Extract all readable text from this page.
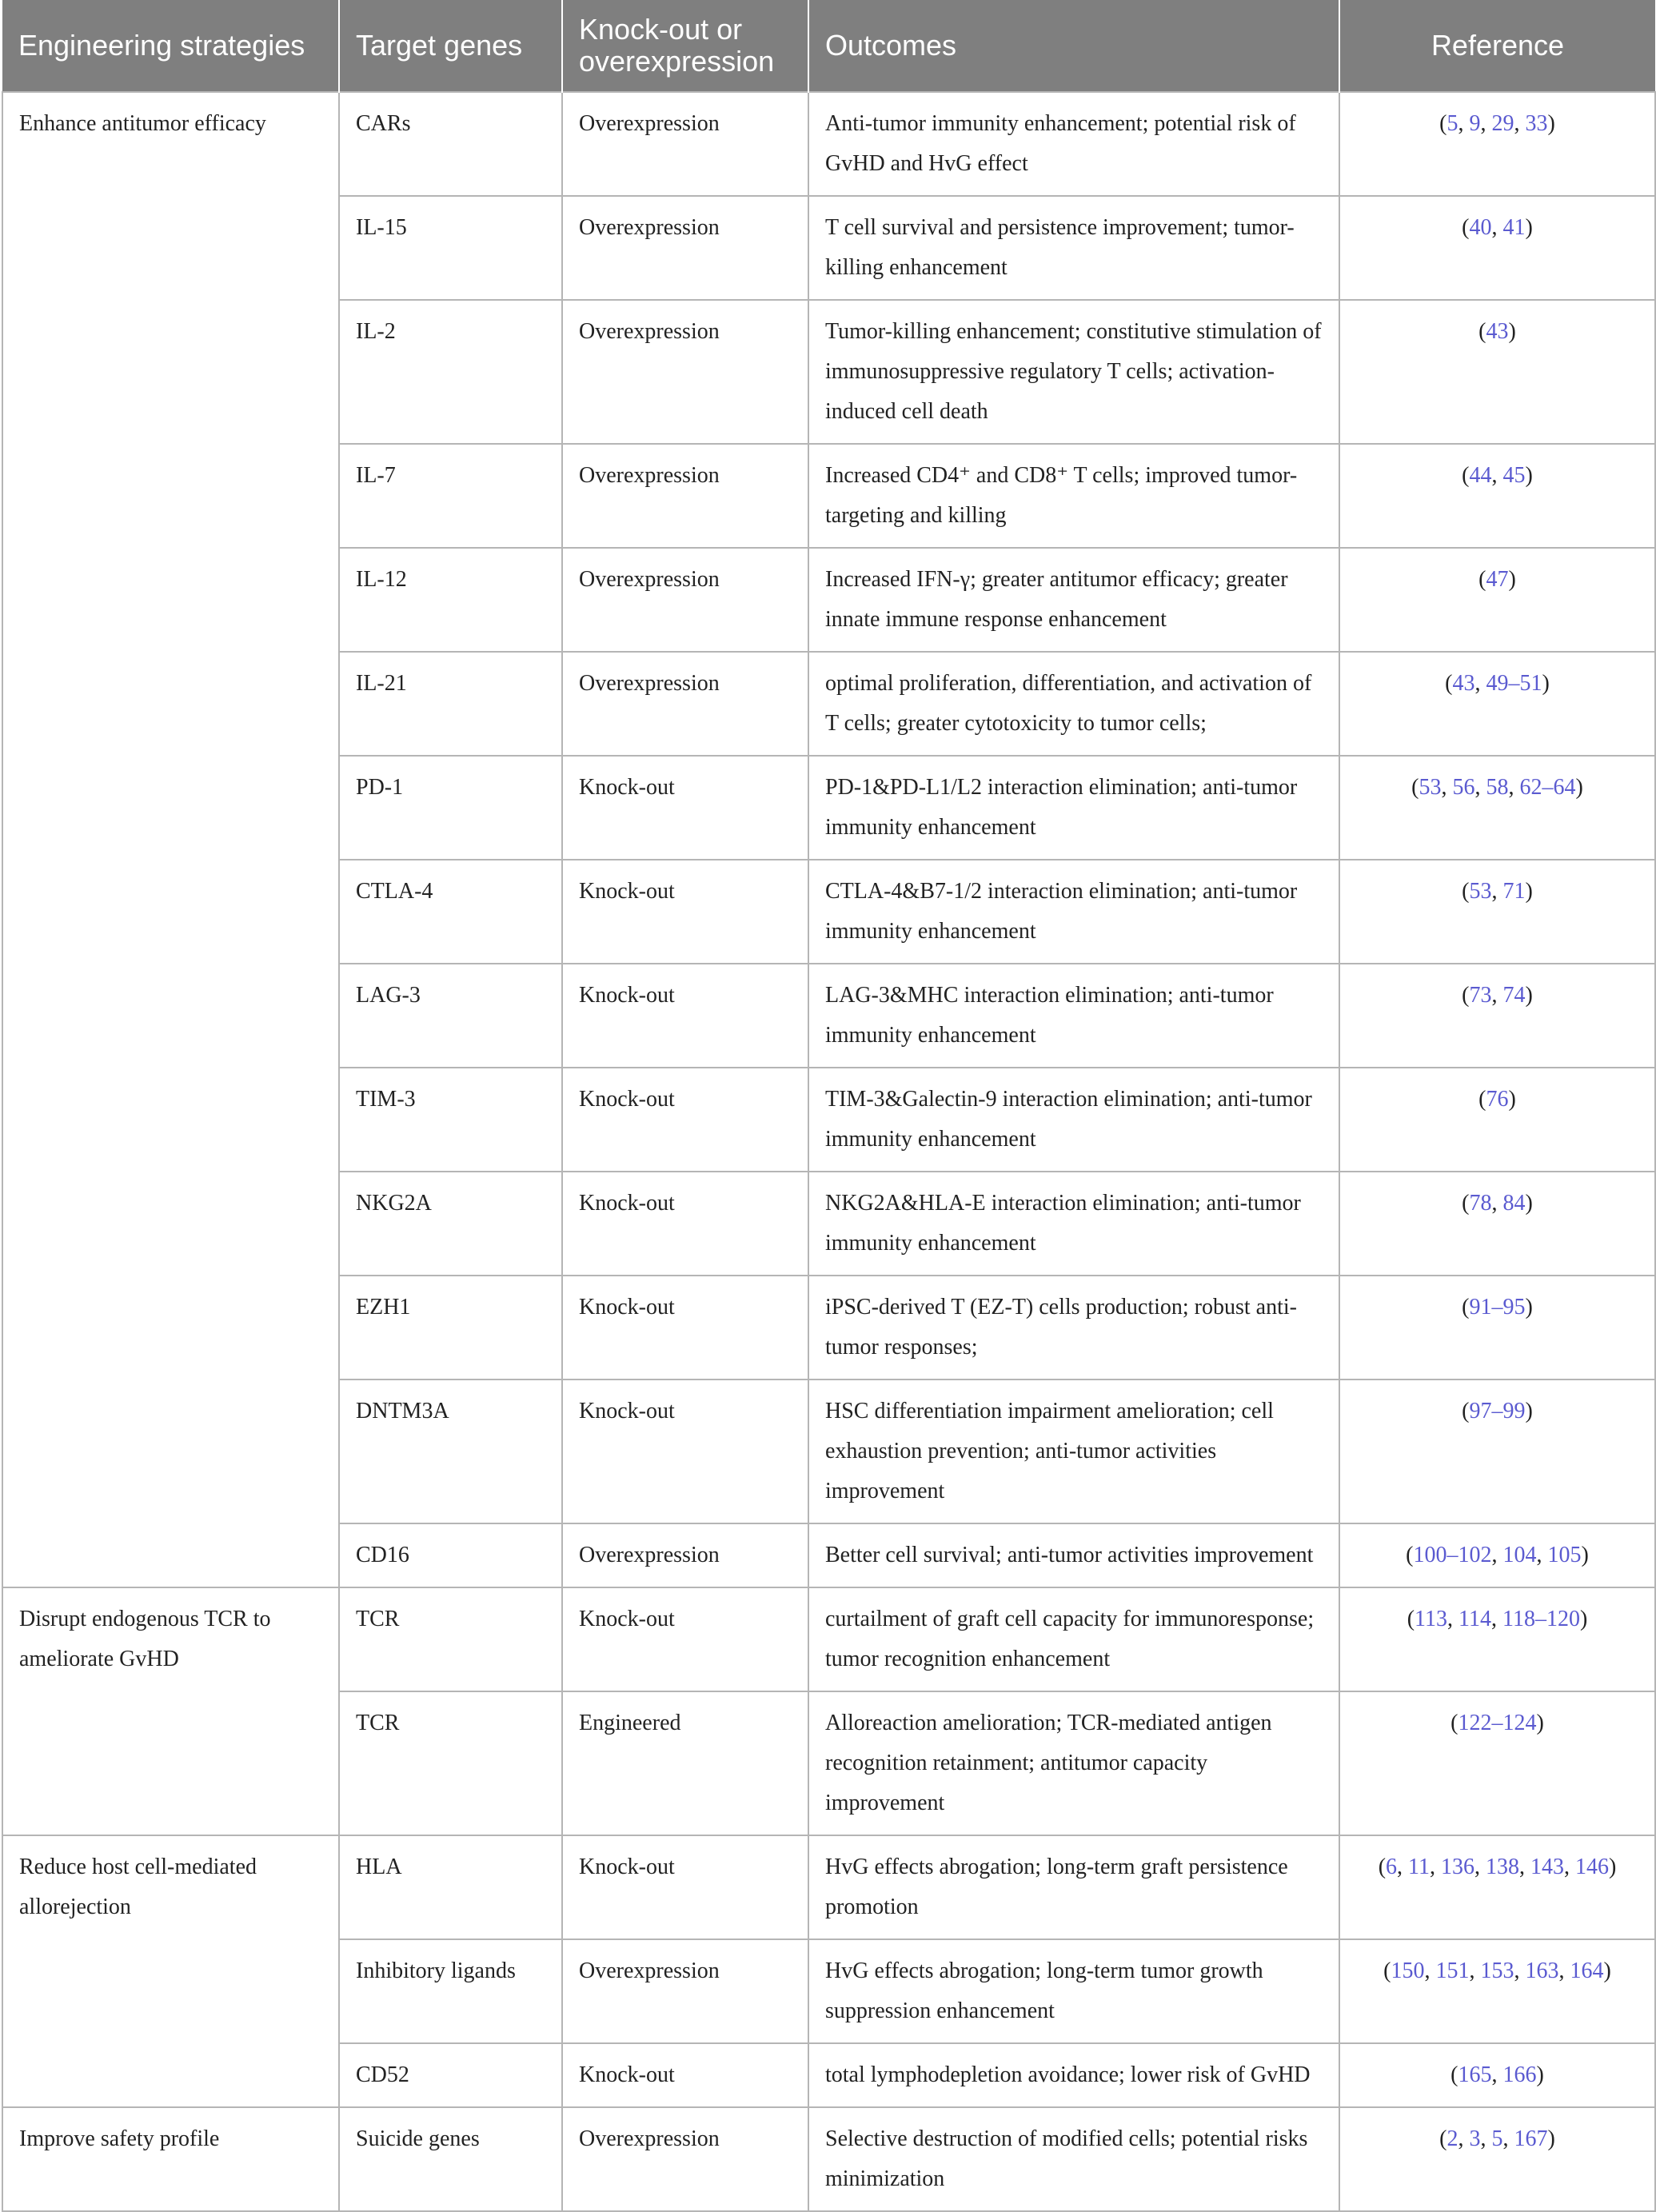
Engineering strategies	Target genes	Knock-out or overexpression	Outcomes	Reference
Enhance antitumor efficacy	CARs	Overexpression	Anti-tumor immunity enhancement; potential risk of GvHD and HvG effect	(5, 9, 29, 33)
	IL-15	Overexpression	T cell survival and persistence improvement; tumor-killing enhancement	(40, 41)
	IL-2	Overexpression	Tumor-killing enhancement; constitutive stimulation of immunosuppressive regulatory T cells; activation-induced cell death	(43)
	IL-7	Overexpression	Increased CD4⁺ and CD8⁺ T cells; improved tumor-targeting and killing	(44, 45)
	IL-12	Overexpression	Increased IFN-γ; greater antitumor efficacy; greater innate immune response enhancement	(47)
	IL-21	Overexpression	optimal proliferation, differentiation, and activation of T cells; greater cytotoxicity to tumor cells;	(43, 49–51)
	PD-1	Knock-out	PD-1&PD-L1/L2 interaction elimination; anti-tumor immunity enhancement	(53, 56, 58, 62–64)
	CTLA-4	Knock-out	CTLA-4&B7-1/2 interaction elimination; anti-tumor immunity enhancement	(53, 71)
	LAG-3	Knock-out	LAG-3&MHC interaction elimination; anti-tumor immunity enhancement	(73, 74)
	TIM-3	Knock-out	TIM-3&Galectin-9 interaction elimination; anti-tumor immunity enhancement	(76)
	NKG2A	Knock-out	NKG2A&HLA-E interaction elimination; anti-tumor immunity enhancement	(78, 84)
	EZH1	Knock-out	iPSC-derived T (EZ-T) cells production; robust anti-tumor responses;	(91–95)
	DNTM3A	Knock-out	HSC differentiation impairment amelioration; cell exhaustion prevention; anti-tumor activities improvement	(97–99)
	CD16	Overexpression	Better cell survival; anti-tumor activities improvement	(100–102, 104, 105)
Disrupt endogenous TCR to ameliorate GvHD	TCR	Knock-out	curtailment of graft cell capacity for immunoresponse; tumor recognition enhancement	(113, 114, 118–120)
	TCR	Engineered	Alloreaction amelioration; TCR-mediated antigen recognition retainment; antitumor capacity improvement	(122–124)
Reduce host cell-mediated allorejection	HLA	Knock-out	HvG effects abrogation; long-term graft persistence promotion	(6, 11, 136, 138, 143, 146)
	Inhibitory ligands	Overexpression	HvG effects abrogation; long-term tumor growth suppression enhancement	(150, 151, 153, 163, 164)
	CD52	Knock-out	total lymphodepletion avoidance; lower risk of GvHD	(165, 166)
Improve safety profile	Suicide genes	Overexpression	Selective destruction of modified cells; potential risks minimization	(2, 3, 5, 167)
